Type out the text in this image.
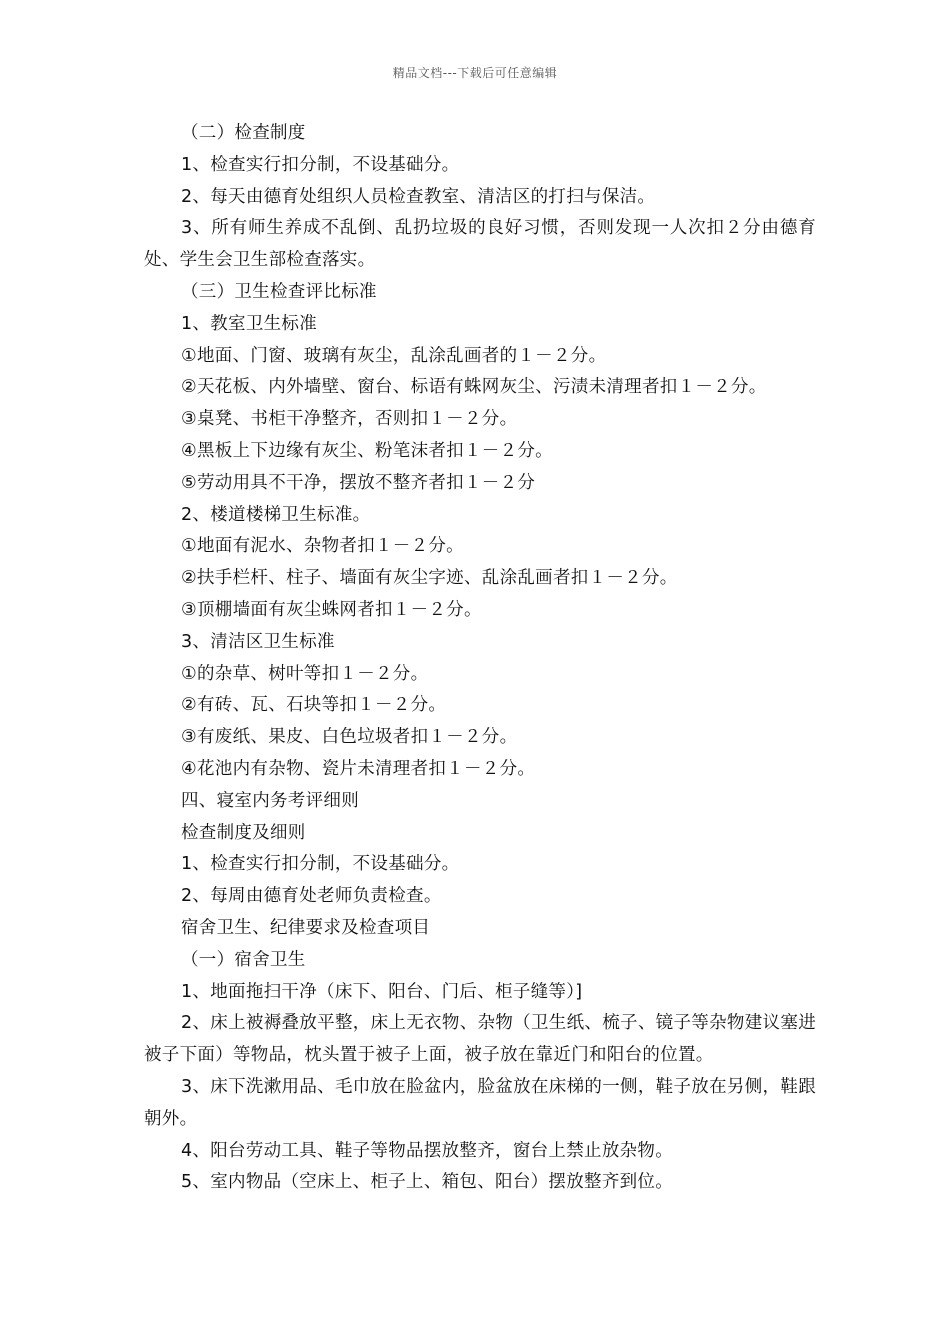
精品文档---下载后可任意编辑
（二）检查制度
1、检查实行扣分制，不设基础分。
2、每天由德育处组织人员检查教室、清洁区的打扫与保洁。
3、所有师生养成不乱倒、乱扔垃圾的良好习惯，否则发现一人次扣２分由德育处、学生会卫生部检查落实。
（三）卫生检查评比标准
1、教室卫生标准
①地面、门窗、玻璃有灰尘，乱涂乱画者的１－２分。
②天花板、内外墙壁、窗台、标语有蛛网灰尘、污渍未清理者扣１－２分。
③桌凳、书柜干净整齐，否则扣１－２分。
④黑板上下边缘有灰尘、粉笔沫者扣１－２分。
⑤劳动用具不干净，摆放不整齐者扣１－２分
2、楼道楼梯卫生标准。
①地面有泥水、杂物者扣１－２分。
②扶手栏杆、柱子、墙面有灰尘字迹、乱涂乱画者扣１－２分。
③顶棚墙面有灰尘蛛网者扣１－２分。
3、清洁区卫生标准
①的杂草、树叶等扣１－２分。
②有砖、瓦、石块等扣１－２分。
③有废纸、果皮、白色垃圾者扣１－２分。
④花池内有杂物、瓷片未清理者扣１－２分。
四、寝室内务考评细则
检查制度及细则
1、检查实行扣分制，不设基础分。
2、每周由德育处老师负责检查。
宿舍卫生、纪律要求及检查项目
（一）宿舍卫生
1、地面拖扫干净（床下、阳台、门后、柜子缝等）]
2、床上被褥叠放平整，床上无衣物、杂物（卫生纸、梳子、镜子等杂物建议塞进被子下面）等物品，枕头置于被子上面，被子放在靠近门和阳台的位置。
3、床下洗漱用品、毛巾放在脸盆内，脸盆放在床梯的一侧，鞋子放在另侧，鞋跟朝外。
4、阳台劳动工具、鞋子等物品摆放整齐，窗台上禁止放杂物。
5、室内物品（空床上、柜子上、箱包、阳台）摆放整齐到位。
